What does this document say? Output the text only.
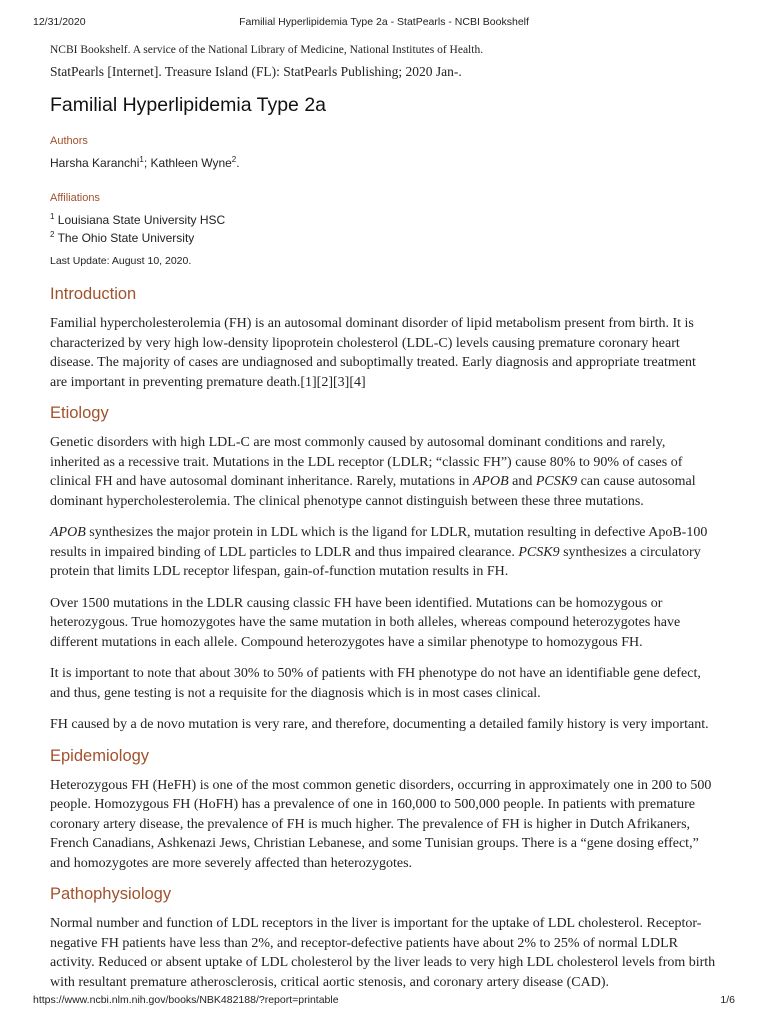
12/31/2020	Familial Hyperlipidemia Type 2a - StatPearls - NCBI Bookshelf

NCBI Bookshelf. A service of the National Library of Medicine, National Institutes of Health.

StatPearls [Internet]. Treasure Island (FL): StatPearls Publishing; 2020 Jan-.

Familial Hyperlipidemia Type 2a
Authors
Harsha Karanchi$^1$; Kathleen Wyne$^2$.
Affiliations
$^1$ Louisiana State University HSC
$^2$ The Ohio State University
Last Update: August 10, 2020.
Introduction

Familial hypercholesterolemia (FH) is an autosomal dominant disorder of lipid metabolism present from birth. It is characterized by very high low-density lipoprotein cholesterol (LDL-C) levels causing premature coronary heart disease. The majority of cases are undiagnosed and suboptimally treated. Early diagnosis and appropriate treatment are important in preventing premature death.[1][2][3][4]

Etiology

Genetic disorders with high LDL-C are most commonly caused by autosomal dominant conditions and rarely, inherited as a recessive trait. Mutations in the LDL receptor (LDLR; “classic FH”) cause 80% to 90% of cases of clinical FH and have autosomal dominant inheritance. Rarely, mutations in APOB and PCSK9 can cause autosomal dominant hypercholesterolemia. The clinical phenotype cannot distinguish between these three mutations.

APOB synthesizes the major protein in LDL which is the ligand for LDLR, mutation resulting in defective ApoB-100 results in impaired binding of LDL particles to LDLR and thus impaired clearance. PCSK9 synthesizes a circulatory protein that limits LDL receptor lifespan, gain-of-function mutation results in FH.

Over 1500 mutations in the LDLR causing classic FH have been identified. Mutations can be homozygous or heterozygous. True homozygotes have the same mutation in both alleles, whereas compound heterozygotes have different mutations in each allele. Compound heterozygotes have a similar phenotype to homozygous FH.

It is important to note that about 30% to 50% of patients with FH phenotype do not have an identifiable gene defect, and thus, gene testing is not a requisite for the diagnosis which is in most cases clinical.

FH caused by a de novo mutation is very rare, and therefore, documenting a detailed family history is very important.

Epidemiology

Heterozygous FH (HeFH) is one of the most common genetic disorders, occurring in approximately one in 200 to 500 people. Homozygous FH (HoFH) has a prevalence of one in 160,000 to 500,000 people. In patients with premature coronary artery disease, the prevalence of FH is much higher. The prevalence of FH is higher in Dutch Afrikaners, French Canadians, Ashkenazi Jews, Christian Lebanese, and some Tunisian groups. There is a “gene dosing effect,” and homozygotes are more severely affected than heterozygotes.

Pathophysiology

Normal number and function of LDL receptors in the liver is important for the uptake of LDL cholesterol. Receptor-negative FH patients have less than 2%, and receptor-defective patients have about 2% to 25% of normal LDLR activity. Reduced or absent uptake of LDL cholesterol by the liver leads to very high LDL cholesterol levels from birth with resultant premature atherosclerosis, critical aortic stenosis, and coronary artery disease (CAD).

https://www.ncbi.nlm.nih.gov/books/NBK482188/?report=printable	1/6
